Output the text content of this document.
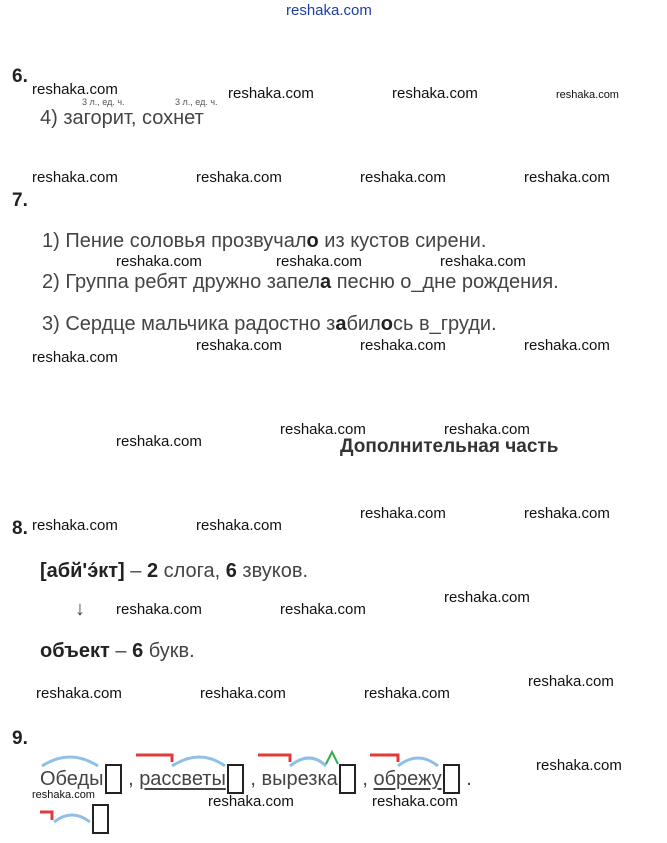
reshaka.com
6.
3 л., ед. ч.	3 л., ед. ч.
4) загорит, сохнет
7.
1) Пение соловья прозвучало из кустов сирени.
2) Группа ребят дружно запела песню о_дне рождения.
3) Сердце мальчика радостно забилось в_груди.
Дополнительная часть
8.
[абй'э́кт] – 2 слога, 6 звуков.
↓
объект – 6 букв.
9.
Обеды , рассветы , вырезка , обрежу .
reshaka.com	reshaka.com	reshaka.com	reshaka.com
reshaka.com	reshaka.com	reshaka.com	reshaka.com
reshaka.com	reshaka.com	reshaka.com
reshaka.com	reshaka.com	reshaka.com
reshaka.com
reshaka.com	reshaka.com
reshaka.com
reshaka.com	reshaka.com
reshaka.com	reshaka.com
reshaka.com
reshaka.com	reshaka.com
reshaka.com
reshaka.com	reshaka.com	reshaka.com
reshaka.com
reshaka.com	reshaka.com	reshaka.com
